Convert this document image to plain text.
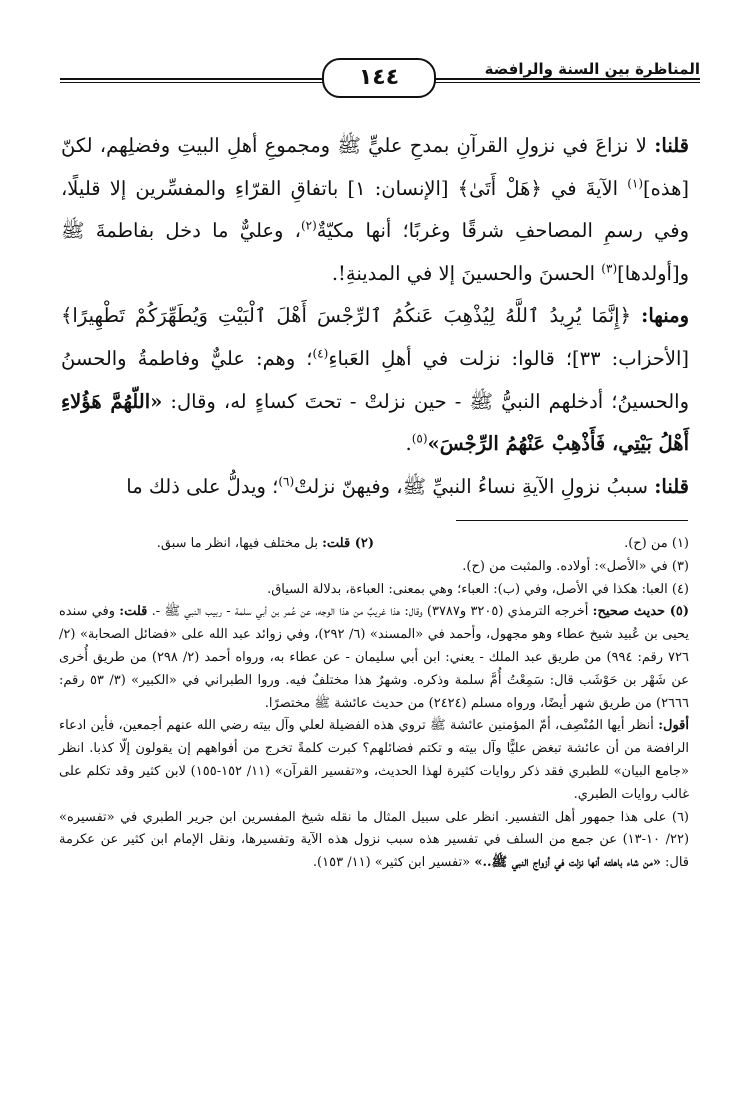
المناظرة بين السنة والرافضة
١٤٤

قلنا: لا نزاعَ في نزولِ القرآنِ بمدحِ عليٍّ ﷺ ومجموعِ أهلِ البيتِ وفضلِهم، لكنّ [هذه]$^{(١)}$ الآيةَ في ﴿هَلْ أَتَىٰ﴾ [الإنسان: ١] باتفاقِ القرّاءِ والمفسِّرين إلا قليلًا، وفي رسمِ المصاحفِ شرقًا وغربًا؛ أنها مكيّةٌ$^{(٢)}$، وعليٌّ ما دخل بفاطمةَ ﷺ و[أولدها]$^{(٣)}$ الحسنَ والحسينَ إلا في المدينةِ!.

ومنها: ﴿إِنَّمَا يُرِيدُ ٱللَّهُ لِيُذْهِبَ عَنكُمُ ٱلرِّجْسَ أَهْلَ ٱلْبَيْتِ وَيُطَهِّرَكُمْ تَطْهِيرًا﴾ [الأحزاب: ٣٣]؛ قالوا: نزلت في أهلِ العَباءِ$^{(٤)}$؛ وهم: عليٌّ وفاطمةُ والحسنُ والحسينُ؛ أدخلهم النبيُّ ﷺ - حين نزلتْ - تحتَ كساءٍ له، وقال: «اللّهُمَّ هَؤُلاءِ أَهْلُ بَيْتِي، فَأَذْهِبْ عَنْهُمُ الرِّجْسَ»$^{(٥)}$.

قلنا: سببُ نزولِ الآيةِ نساءُ النبيِّ ﷺ، وفيهنّ نزلتْ$^{(٦)}$؛ ويدلُّ على ذلك ما

(١) من (ح).

(٢) قلت: بل مختلف فيها، انظر ما سبق.

(٣) في «الأصل»: أولاده. والمثبت من (ح).

(٤) العبا: هكذا في الأصل، وفي (ب): العباء؛ وهي بمعنى: العباءة، بدلالة السياق.

(٥) حديث صحيح: أخرجه الترمذي (٣٢٠٥ و٣٧٨٧) وقال: هذا غريبٌ من هذا الوجه، عن عُمر بن أبي سلمة - ربيب النبي ﷺ -. قلت: وفي سنده يحيى بن عُبيد شيخ عطاء وهو مجهول، وأحمد في «المسند» (٦/ ٢٩٢)، وفي زوائد عبد الله على «فضائل الصحابة» (٢/ ٧٢٦ رقم: ٩٩٤) من طريق عبد الملك - يعني: ابن أبي سليمان - عن عطاء به، ورواه أحمد (٢/ ٢٩٨) من طريق أُخرى عن شَهْر بن حَوْشَب قال: سَمِعْتُ أُمَّ سلمة وذكره. وشهرٌ هذا مختلفٌ فيه. وروا الطبراني في «الكبير» (٣/ ٥٣ رقم: ٢٦٦٦) من طريق شهر أيضًا، ورواه مسلم (٢٤٢٤) من حديث عائشة ﷺ مختصرًا.

أقول: أنظر أيها المُنْصِف، أمّ المؤمنين عائشة ﷺ تروي هذه الفضيلة لعلي وآل بيته رضي الله عنهم أجمعين، فأين ادعاء الرافضة من أن عائشة تبغض عليًّا وآل بيته و تكتم فضائلهم؟ كبرت كلمةً تخرج من أفواههم إن يقولون إلّا كذبا. انظر «جامع البيان» للطبري فقد ذكر روايات كثيرة لهذا الحديث، و«تفسير القرآن» (١١/ ١٥٢-١٥٥) لابن كثير وقد تكلم على غالب روايات الطبري.

(٦) على هذا جمهور أهل التفسير. انظر على سبيل المثال ما نقله شيخ المفسرين ابن جرير الطبري في «تفسيره» (٢٢/ ١٠-١٣) عن جمع من السلف في تفسير هذه سبب نزول هذه الآية وتفسيرها، ونقل الإمام ابن كثير عن عكرمة قال: «من شاء باهلته أنها نزلت في أزواج النبي ﷺ..» «تفسير ابن كثير» (١١/ ١٥٣).
